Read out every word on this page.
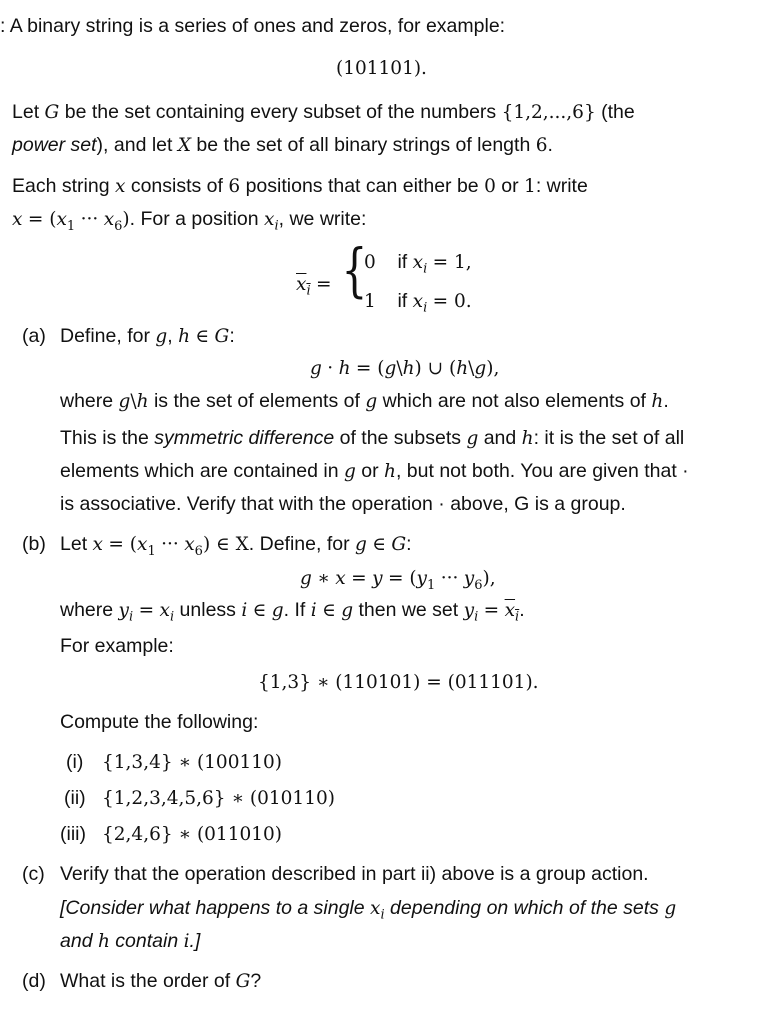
: A binary string is a series of ones and zeros, for example:
(101101).
Let G be the set containing every subset of the numbers {1,2,...,6} (the
power set), and let X be the set of all binary strings of length 6.
Each string x consists of 6 positions that can either be 0 or 1: write
$x = (x_1$ ··· $x_6$). For a position $x_i$, we write:
$x_i$ = {
0    if $x_i = 1$,
1    if $x_i = 0$.
(a) Define, for g, h ∈ G:
g · h = (g\h) ∪ (h\g),
where g\h is the set of elements of g which are not also elements of h.
This is the symmetric difference of the subsets g and h: it is the set of all
elements which are contained in g or h, but not both. You are given that ·
is associative. Verify that with the operation · above, G is a group.
(b) Let $x = (x_1$ ··· $x_6$) ∈ X. Define, for g ∈ G:
g ∗ $x = y = (y_1$ ··· $y_6$),
where $y_i = x_i$ unless i ∈ g. If i ∈ g then we set $y_i = x_i$.
For example:
{1,3} ∗ (110101) = (011101).
Compute the following:
(i) {1,3,4} ∗ (100110)
(ii) {1,2,3,4,5,6} ∗ (010110)
(iii) {2,4,6} ∗ (011010)
(c) Verify that the operation described in part ii) above is a group action.
[Consider what happens to a single $x_i$ depending on which of the sets g
and h contain i.]
(d) What is the order of G?
